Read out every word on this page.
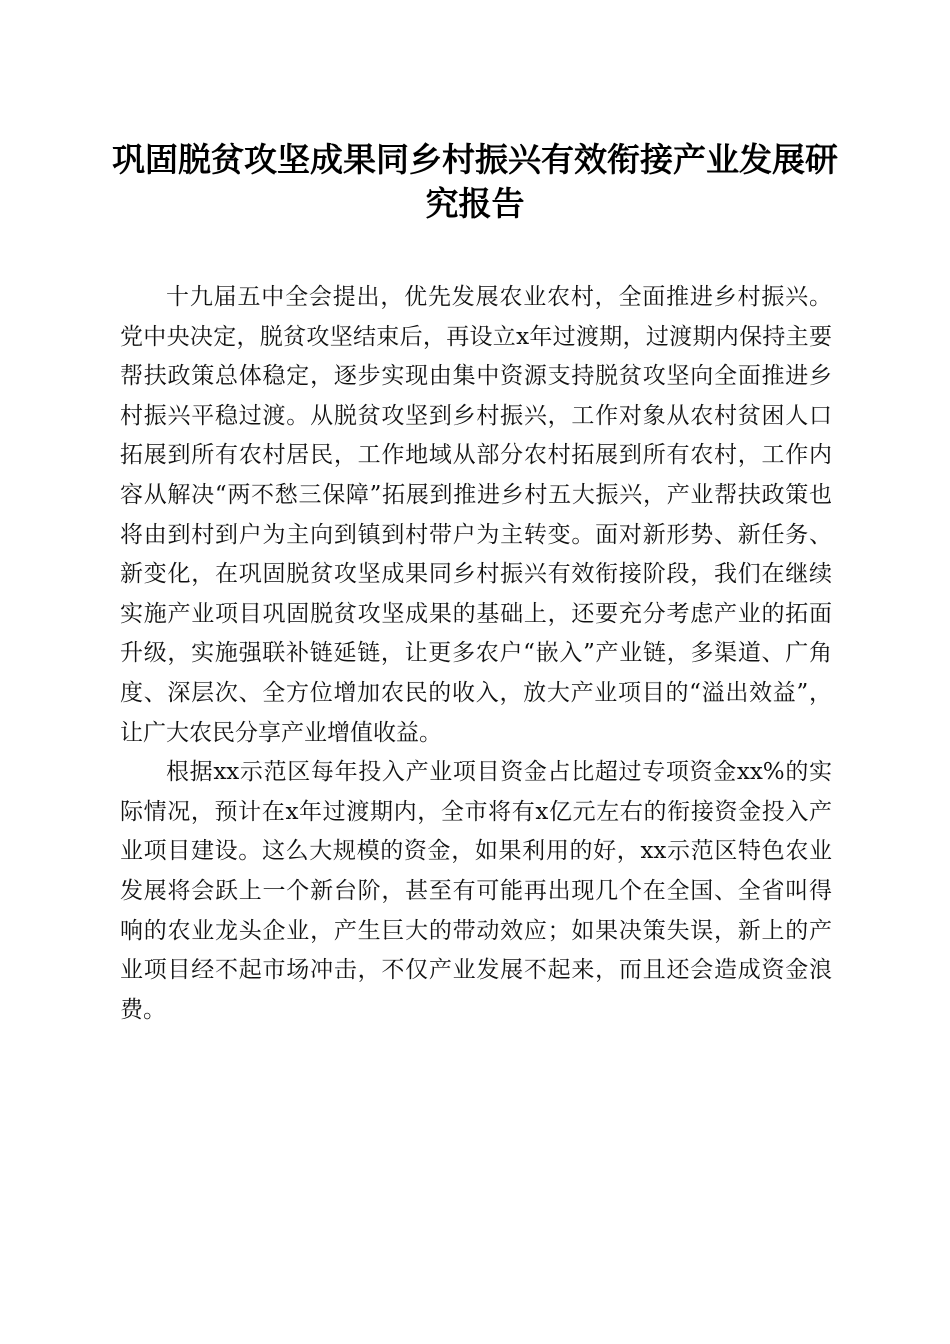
巩固脱贫攻坚成果同乡村振兴有效衔接产业发展研究报告

十九届五中全会提出，优先发展农业农村，全面推进乡村振兴。党中央决定，脱贫攻坚结束后，再设立x年过渡期，过渡期内保持主要帮扶政策总体稳定，逐步实现由集中资源支持脱贫攻坚向全面推进乡村振兴平稳过渡。从脱贫攻坚到乡村振兴，工作对象从农村贫困人口拓展到所有农村居民，工作地域从部分农村拓展到所有农村，工作内容从解决“两不愁三保障”拓展到推进乡村五大振兴，产业帮扶政策也将由到村到户为主向到镇到村带户为主转变。面对新形势、新任务、新变化，在巩固脱贫攻坚成果同乡村振兴有效衔接阶段，我们在继续实施产业项目巩固脱贫攻坚成果的基础上，还要充分考虑产业的拓面升级，实施强联补链延链，让更多农户“嵌入”产业链，多渠道、广角度、深层次、全方位增加农民的收入，放大产业项目的“溢出效益”，让广大农民分享产业增值收益。

根据xx示范区每年投入产业项目资金占比超过专项资金xx%的实际情况，预计在x年过渡期内，全市将有x亿元左右的衔接资金投入产业项目建设。这么大规模的资金，如果利用的好，xx示范区特色农业发展将会跃上一个新台阶，甚至有可能再出现几个在全国、全省叫得响的农业龙头企业，产生巨大的带动效应；如果决策失误，新上的产业项目经不起市场冲击，不仅产业发展不起来，而且还会造成资金浪费。
